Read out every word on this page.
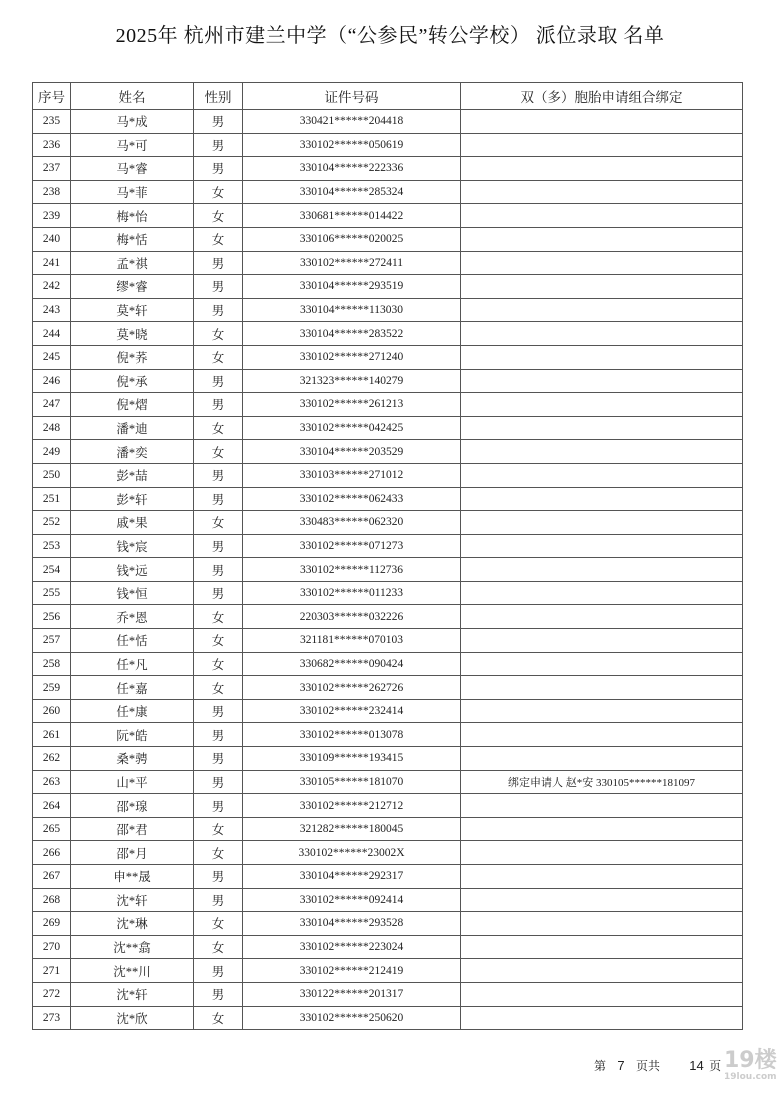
2025年 杭州市建兰中学（“公参民”转公学校） 派位录取 名单
序号	姓名	性别	证件号码	双（多）胞胎申请组合绑定
235	马*成	男	330421******204418	
236	马*可	男	330102******050619	
237	马*睿	男	330104******222336	
238	马*菲	女	330104******285324	
239	梅*怡	女	330681******014422	
240	梅*恬	女	330106******020025	
241	孟*祺	男	330102******272411	
242	缪*睿	男	330104******293519	
243	莫*轩	男	330104******113030	
244	莫*晓	女	330104******283522	
245	倪*荞	女	330102******271240	
246	倪*承	男	321323******140279	
247	倪*熠	男	330102******261213	
248	潘*迪	女	330102******042425	
249	潘*奕	女	330104******203529	
250	彭*喆	男	330103******271012	
251	彭*轩	男	330102******062433	
252	戚*果	女	330483******062320	
253	钱*宸	男	330102******071273	
254	钱*远	男	330102******112736	
255	钱*恒	男	330102******011233	
256	乔*恩	女	220303******032226	
257	任*恬	女	321181******070103	
258	任*凡	女	330682******090424	
259	任*嘉	女	330102******262726	
260	任*康	男	330102******232414	
261	阮*皓	男	330102******013078	
262	桑*骋	男	330109******193415	
263	山*平	男	330105******181070	绑定申请人 赵*安 330105******181097
264	邵*瑔	男	330102******212712	
265	邵*君	女	321282******180045	
266	邵*月	女	330102******23002X	
267	申**晟	男	330104******292317	
268	沈*轩	男	330102******092414	
269	沈*琳	女	330104******293528	
270	沈**翕	女	330102******223024	
271	沈**川	男	330102******212419	
272	沈*轩	男	330122******201317	
273	沈*欣	女	330102******250620	
第 7 页共 14 页 19楼
19lou.com
